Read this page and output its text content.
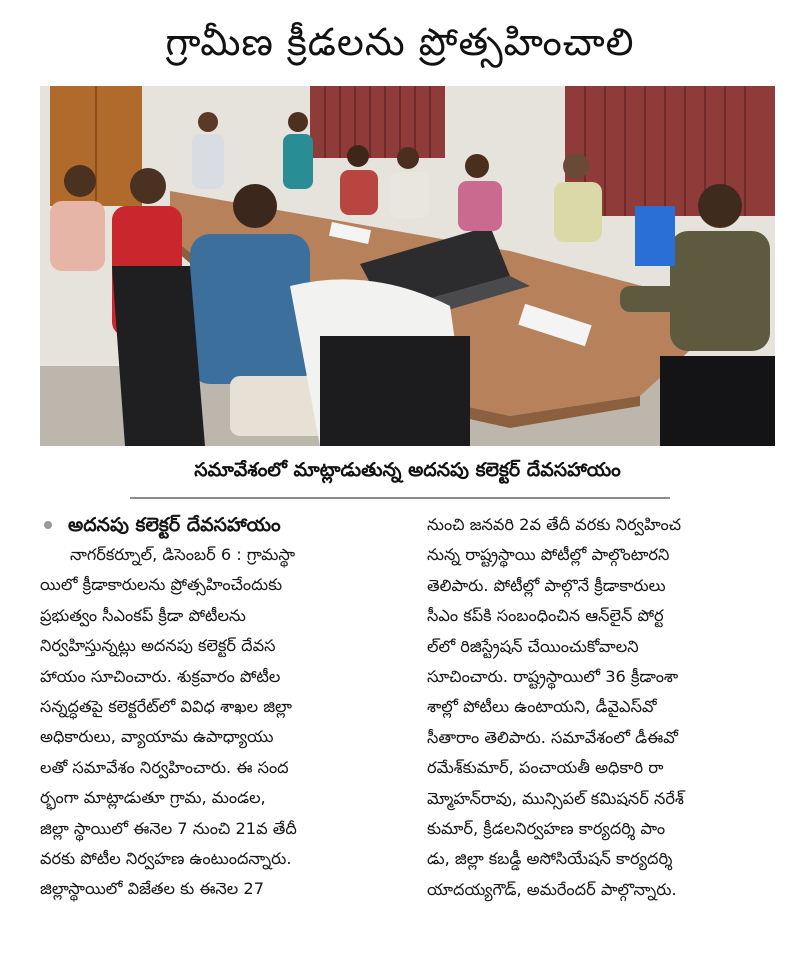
గ్రామీణ క్రీడలను ప్రోత్సహించాలి
సమావేశంలో మాట్లాడుతున్న అదనపు కలెక్టర్ దేవసహాయం
అదనపు కలెక్టర్ దేవసహాయం
నాగర్‌కర్నూల్, డిసెంబర్ 6 : గ్రామస్థా
యిలో క్రీడాకారులను ప్రోత్సహించేందుకు
ప్రభుత్వం సీఎంకప్ క్రీడా పోటీలను
నిర్వహిస్తున్నట్లు అదనపు కలెక్టర్ దేవస
హాయం సూచించారు. శుక్రవారం పోటీల
సన్నద్ధతపై కలెక్టరేట్‌లో వివిధ శాఖల జిల్లా
అధికారులు, వ్యాయామ ఉపాధ్యాయు
లతో సమావేశం నిర్వహించారు. ఈ సంద
ర్భంగా మాట్లాడుతూ గ్రామ, మండల,
జిల్లా స్థాయిలో ఈనెల 7 నుంచి 21వ తేదీ
వరకు పోటీల నిర్వహణ ఉంటుందన్నారు.
జిల్లాస్థాయిలో విజేతల కు ఈనెల 27
నుంచి జనవరి 2వ తేదీ వరకు నిర్వహించ
నున్న రాష్ట్రస్థాయి పోటీల్లో పాల్గొంటారని
తెలిపారు. పోటీల్లో పాల్గొనే క్రీడాకారులు
సీఎం కప్‌కి సంబంధించిన ఆన్‌లైన్ పోర్ట
ల్‌లో రిజిస్ట్రేషన్ చేయించుకోవాలని
సూచించారు. రాష్ట్రస్థాయిలో 36 క్రీడాంశా
శాల్లో పోటీలు ఉంటాయని, డీవైఎస్‌వో
సీతారాం తెలిపారు. సమావేశంలో డీఈవో
రమేశ్‌కుమార్, పంచాయతీ అధికారి రా
మ్మోహన్‌రావు, మున్సిపల్ కమిషనర్ నరేశ్
కుమార్, క్రీడలనిర్వహణ కార్యదర్శి పాం
డు, జిల్లా కబడ్డీ అసోసియేషన్ కార్యదర్శి
యాదయ్యగౌడ్, అమరేందర్ పాల్గొన్నారు.
